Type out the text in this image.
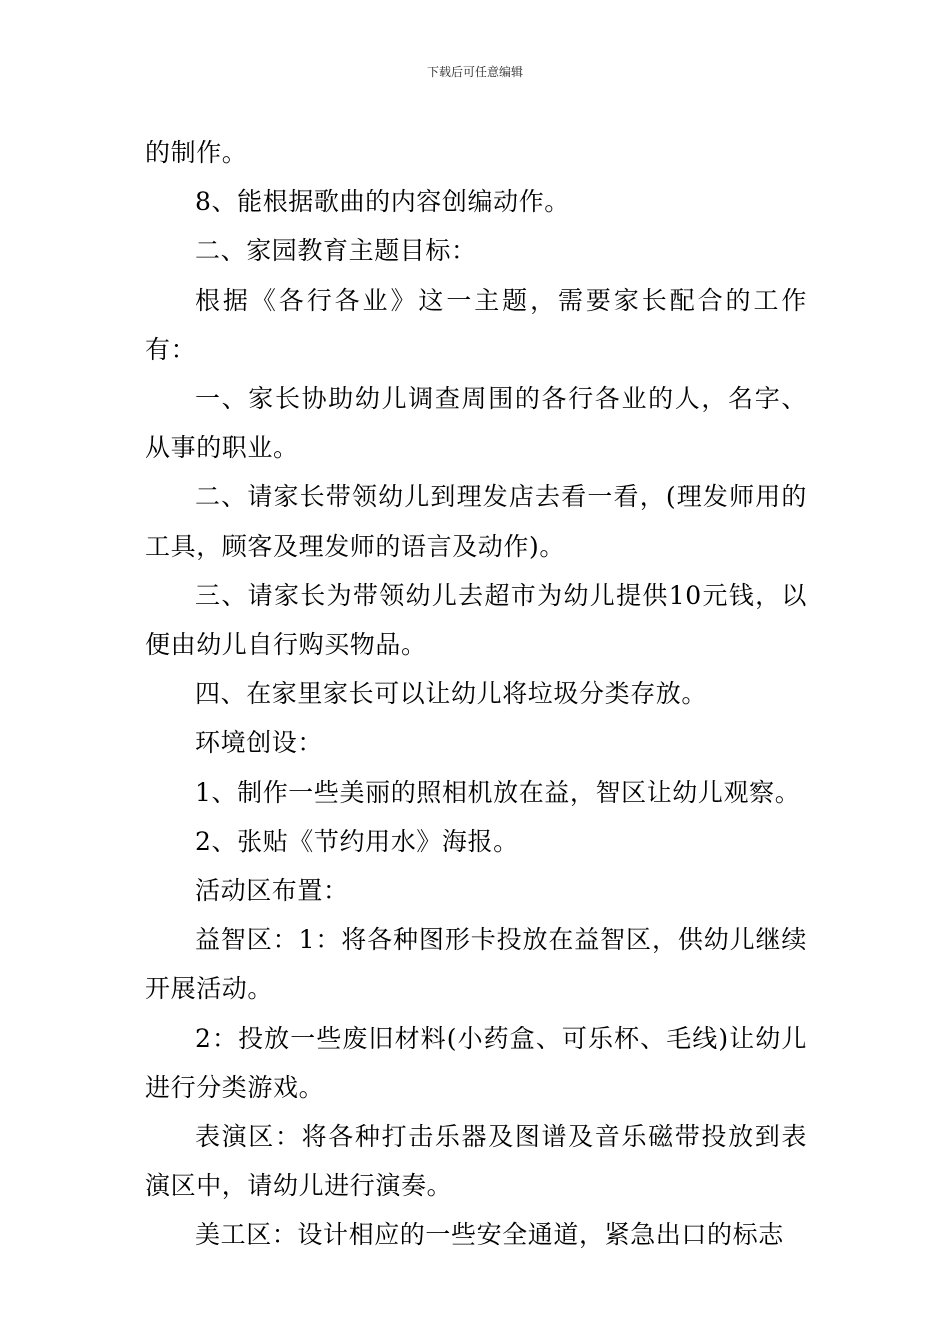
下载后可任意编辑

的制作。

8、能根据歌曲的内容创编动作。

二、家园教育主题目标：

根据《各行各业》这一主题，需要家长配合的工作有：

一、家长协助幼儿调查周围的各行各业的人，名字、从事的职业。

二、请家长带领幼儿到理发店去看一看，(理发师用的工具，顾客及理发师的语言及动作)。

三、请家长为带领幼儿去超市为幼儿提供10元钱，以便由幼儿自行购买物品。

四、在家里家长可以让幼儿将垃圾分类存放。

环境创设：

1、制作一些美丽的照相机放在益，智区让幼儿观察。

2、张贴《节约用水》海报。

活动区布置：

益智区：1：将各种图形卡投放在益智区，供幼儿继续开展活动。

2：投放一些废旧材料(小药盒、可乐杯、毛线)让幼儿进行分类游戏。

表演区：将各种打击乐器及图谱及音乐磁带投放到表演区中，请幼儿进行演奏。

美工区：设计相应的一些安全通道，紧急出口的标志
